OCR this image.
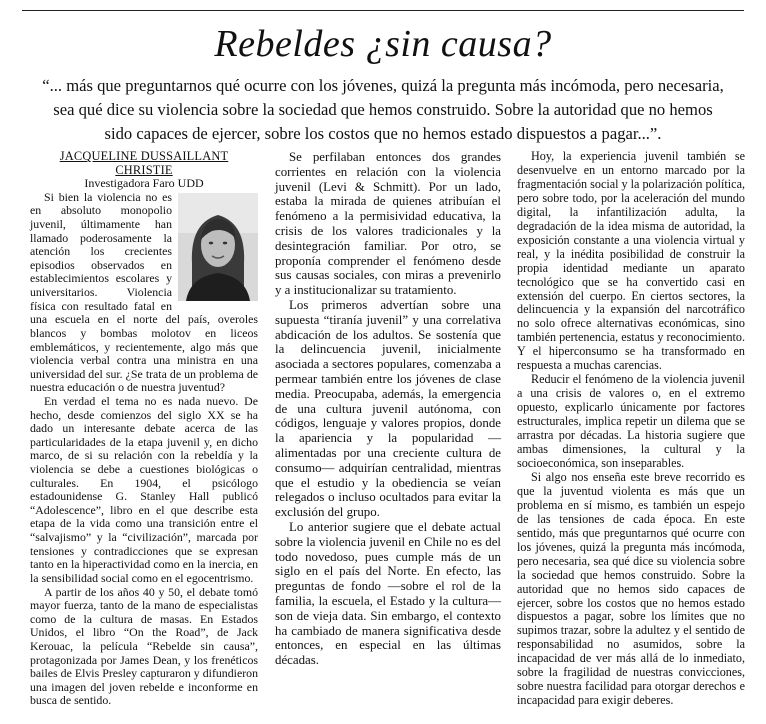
Rebeldes ¿sin causa?

“... más que preguntarnos qué ocurre con los jóvenes, quizá la pregunta más incómoda, pero necesaria, sea qué dice su violencia sobre la sociedad que hemos construido. Sobre la autoridad que no hemos sido capaces de ejercer, sobre los costos que no hemos estado dispuestos a pagar...”.

JACQUELINE DUSSAILLANT CHRISTIE

Investigadora Faro UDD

Si bien la violencia no es en absoluto monopolio juvenil, últimamente han llamado poderosamente la atención los crecientes episodios observados en establecimientos escolares y universitarios. Violencia física con resultado fatal en una escuela en el norte del país, overoles blancos y bombas molotov en liceos emblemáticos, y recientemente, algo más que violencia verbal contra una ministra en una universidad del sur. ¿Se trata de un problema de nuestra educación o de nuestra juventud?

En verdad el tema no es nada nuevo. De hecho, desde comienzos del siglo XX se ha dado un interesante debate acerca de las particularidades de la etapa juvenil y, en dicho marco, de si su relación con la rebeldía y la violencia se debe a cuestiones biológicas o culturales. En 1904, el psicólogo estadounidense G. Stanley Hall publicó “Adolescence”, libro en el que describe esta etapa de la vida como una transición entre el “salvajismo” y la “civilización”, marcada por tensiones y contradicciones que se expresan tanto en la hiperactividad como en la inercia, en la sensibilidad social como en el egocentrismo.

A partir de los años 40 y 50, el debate tomó mayor fuerza, tanto de la mano de especialistas como de la cultura de masas. En Estados Unidos, el libro “On the Road”, de Jack Kerouac, la película “Rebelde sin causa”, protagonizada por James Dean, y los frenéticos bailes de Elvis Presley capturaron y difundieron una imagen del joven rebelde e inconforme en busca de sentido.

Se perfilaban entonces dos grandes corrientes en relación con la violencia juvenil (Levi & Schmitt). Por un lado, estaba la mirada de quienes atribuían el fenómeno a la permisividad educativa, la crisis de los valores tradicionales y la desintegración familiar. Por otro, se proponía comprender el fenómeno desde sus causas sociales, con miras a prevenirlo y a institucionalizar su tratamiento.

Los primeros advertían sobre una supuesta “tiranía juvenil” y una correlativa abdicación de los adultos. Se sostenía que la delincuencia juvenil, inicialmente asociada a sectores populares, comenzaba a permear también entre los jóvenes de clase media. Preocupaba, además, la emergencia de una cultura juvenil autónoma, con códigos, lenguaje y valores propios, donde la apariencia y la popularidad —alimentadas por una creciente cultura de consumo— adquirían centralidad, mientras que el estudio y la obediencia se veían relegados o incluso ocultados para evitar la exclusión del grupo.

Lo anterior sugiere que el debate actual sobre la violencia juvenil en Chile no es del todo novedoso, pues cumple más de un siglo en el país del Norte. En efecto, las preguntas de fondo —sobre el rol de la familia, la escuela, el Estado y la cultura— son de vieja data. Sin embargo, el contexto ha cambiado de manera significativa desde entonces, en especial en las últimas décadas.

Hoy, la experiencia juvenil también se desenvuelve en un entorno marcado por la fragmentación social y la polarización política, pero sobre todo, por la aceleración del mundo digital, la infantilización adulta, la degradación de la idea misma de autoridad, la exposición constante a una violencia virtual y real, y la inédita posibilidad de construir la propia identidad mediante un aparato tecnológico que se ha convertido casi en extensión del cuerpo. En ciertos sectores, la delincuencia y la expansión del narcotráfico no solo ofrece alternativas económicas, sino también pertenencia, estatus y reconocimiento. Y el hiperconsumo se ha transformado en respuesta a muchas carencias.

Reducir el fenómeno de la violencia juvenil a una crisis de valores o, en el extremo opuesto, explicarlo únicamente por factores estructurales, implica repetir un dilema que se arrastra por décadas. La historia sugiere que ambas dimensiones, la cultural y la socioeconómica, son inseparables.

Si algo nos enseña este breve recorrido es que la juventud violenta es más que un problema en sí mismo, es también un espejo de las tensiones de cada época. En este sentido, más que preguntarnos qué ocurre con los jóvenes, quizá la pregunta más incómoda, pero necesaria, sea qué dice su violencia sobre la sociedad que hemos construido. Sobre la autoridad que no hemos sido capaces de ejercer, sobre los costos que no hemos estado dispuestos a pagar, sobre los límites que no supimos trazar, sobre la adultez y el sentido de responsabilidad no asumidos, sobre la incapacidad de ver más allá de lo inmediato, sobre la fragilidad de nuestras convicciones, sobre nuestra facilidad para otorgar derechos e incapacidad para exigir deberes.
